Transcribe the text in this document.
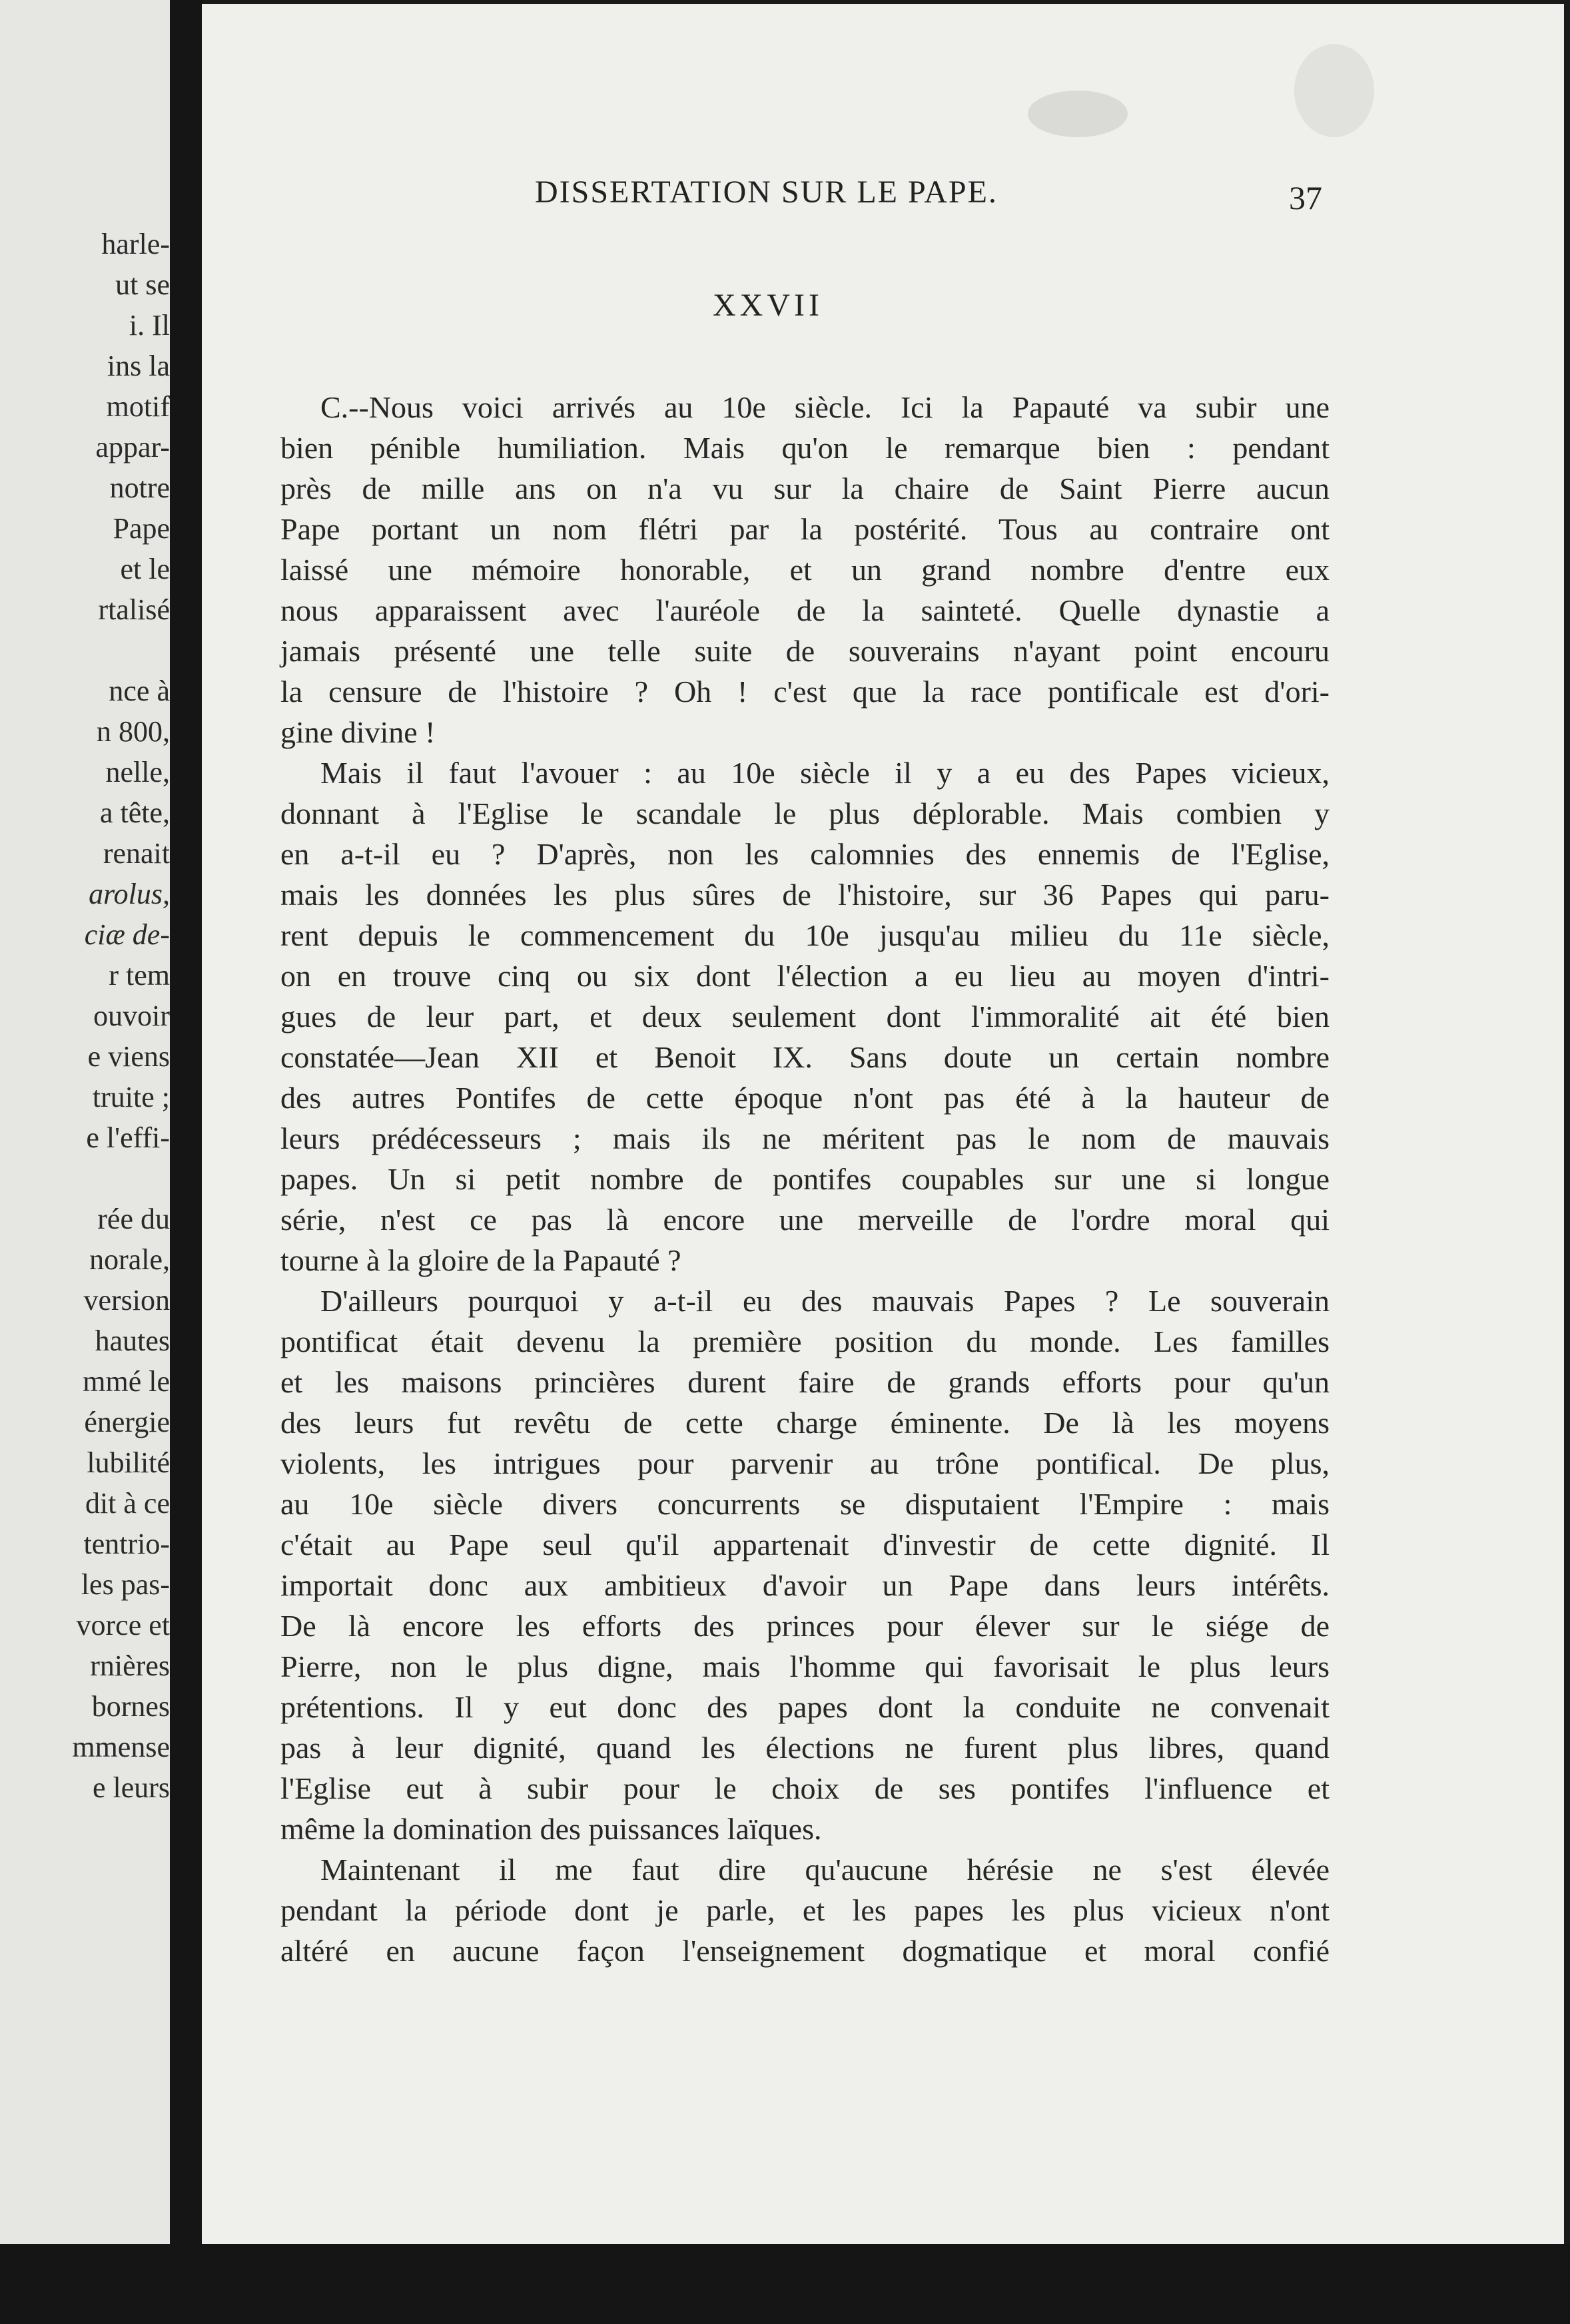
harle-
ut se
i. Il
ins la
motif
appar-
notre
Pape
et le
rtalisé
nce à
n 800,
nelle,
a tête,
renait
arolus,
ciæ de-
r tem
ouvoir
e viens
truite ;
e l'effi-
rée du
norale,
version
hautes
mmé le
énergie
lubilité
dit à ce
tentrio-
les pas-
vorce et
rnières
bornes
mmense
e leurs
DISSERTATION SUR LE PAPE.	37
XXVII
C.--Nous voici arrivés au 10e siècle. Ici la Papauté va subir une
bien pénible humiliation. Mais qu'on le remarque bien : pendant
près de mille ans on n'a vu sur la chaire de Saint Pierre aucun
Pape portant un nom flétri par la postérité. Tous au contraire ont
laissé une mémoire honorable, et un grand nombre d'entre eux
nous apparaissent avec l'auréole de la sainteté. Quelle dynastie a
jamais présenté une telle suite de souverains n'ayant point encouru
la censure de l'histoire ? Oh ! c'est que la race pontificale est d'ori-
gine divine !
Mais il faut l'avouer : au 10e siècle il y a eu des Papes vicieux,
donnant à l'Eglise le scandale le plus déplorable. Mais combien y
en a-t-il eu ? D'après, non les calomnies des ennemis de l'Eglise,
mais les données les plus sûres de l'histoire, sur 36 Papes qui paru-
rent depuis le commencement du 10e jusqu'au milieu du 11e siècle,
on en trouve cinq ou six dont l'élection a eu lieu au moyen d'intri-
gues de leur part, et deux seulement dont l'immoralité ait été bien
constatée—Jean XII et Benoit IX. Sans doute un certain nombre
des autres Pontifes de cette époque n'ont pas été à la hauteur de
leurs prédécesseurs ; mais ils ne méritent pas le nom de mauvais
papes. Un si petit nombre de pontifes coupables sur une si longue
série, n'est ce pas là encore une merveille de l'ordre moral qui
tourne à la gloire de la Papauté ?
D'ailleurs pourquoi y a-t-il eu des mauvais Papes ? Le souverain
pontificat était devenu la première position du monde. Les familles
et les maisons princières durent faire de grands efforts pour qu'un
des leurs fut revêtu de cette charge éminente. De là les moyens
violents, les intrigues pour parvenir au trône pontifical. De plus,
au 10e siècle divers concurrents se disputaient l'Empire : mais
c'était au Pape seul qu'il appartenait d'investir de cette dignité. Il
importait donc aux ambitieux d'avoir un Pape dans leurs intérêts.
De là encore les efforts des princes pour élever sur le siége de
Pierre, non le plus digne, mais l'homme qui favorisait le plus leurs
prétentions. Il y eut donc des papes dont la conduite ne convenait
pas à leur dignité, quand les élections ne furent plus libres, quand
l'Eglise eut à subir pour le choix de ses pontifes l'influence et
même la domination des puissances laïques.
Maintenant il me faut dire qu'aucune hérésie ne s'est élevée
pendant la période dont je parle, et les papes les plus vicieux n'ont
altéré en aucune façon l'enseignement dogmatique et moral confié
